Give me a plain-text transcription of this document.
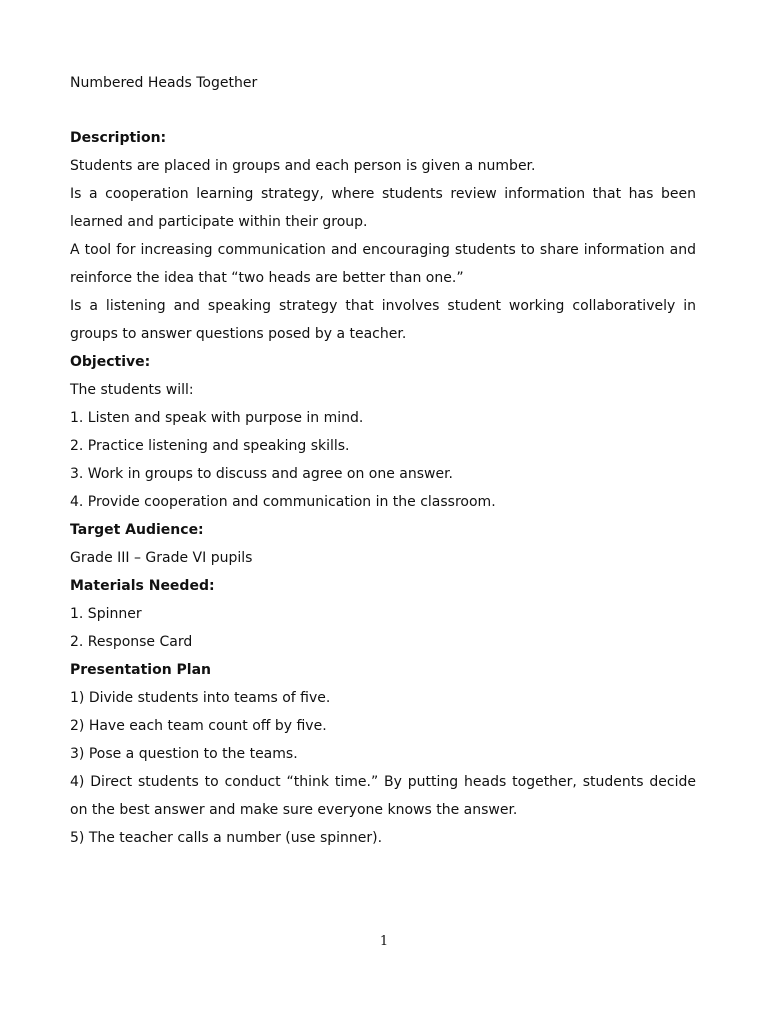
Numbered Heads Together

Description:

Students are placed in groups and each person is given a number.

Is a cooperation learning strategy, where students review information that has been learned and participate within their group.

A tool for increasing communication and encouraging students to share information and reinforce the idea that “two heads are better than one.”

Is a listening and speaking strategy that involves student working collaboratively in groups to answer questions posed by a teacher.

Objective:

The students will:

1. Listen and speak with purpose in mind.

2. Practice listening and speaking skills.

3. Work in groups to discuss and agree on one answer.

4. Provide cooperation and communication in the classroom.

Target Audience:

Grade III – Grade VI pupils

Materials Needed:

1. Spinner

2. Response Card

Presentation Plan

1) Divide students into teams of five.

2) Have each team count off by five.

3) Pose a question to the teams.

4) Direct students to conduct “think time.” By putting heads together, students decide on the best answer and make sure everyone knows the answer.

5) The teacher calls a number (use spinner).

1
